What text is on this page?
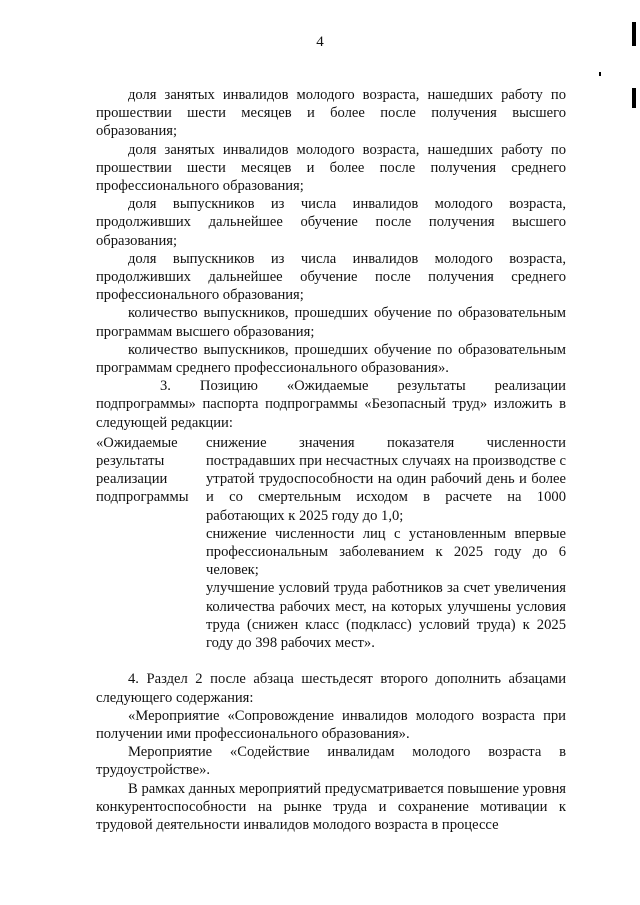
4

доля занятых инвалидов молодого возраста, нашедших работу по прошествии шести месяцев и более после получения высшего образования;

доля занятых инвалидов молодого возраста, нашедших работу по прошествии шести месяцев и более после получения среднего профессионального образования;

доля выпускников из числа инвалидов молодого возраста, продолживших дальнейшее обучение после получения высшего образования;

доля выпускников из числа инвалидов молодого возраста, продолживших дальнейшее обучение после получения среднего профессионального образования;

количество выпускников, прошедших обучение по образовательным программам высшего образования;

количество выпускников, прошедших обучение по образовательным программам среднего профессионального образования».

3. Позицию «Ожидаемые результаты реализации подпрограммы» паспорта подпрограммы «Безопасный труд» изложить в следующей редакции:

«Ожидаемые результаты реализации подпрограммы

снижение значения показателя численности пострадавших при несчастных случаях на производстве с утратой трудоспособности на один рабочий день и более и со смертельным исходом в расчете на 1000 работающих к 2025 году до 1,0;

снижение численности лиц с установленным впервые профессиональным заболеванием к 2025 году до 6 человек;

улучшение условий труда работников за счет увеличения количества рабочих мест, на которых улучшены условия труда (снижен класс (подкласс) условий труда) к 2025 году до 398 рабочих мест».

4. Раздел 2 после абзаца шестьдесят второго дополнить абзацами следующего содержания:

«Мероприятие «Сопровождение инвалидов молодого возраста при получении ими профессионального образования».

Мероприятие «Содействие инвалидам молодого возраста в трудоустройстве».

В рамках данных мероприятий предусматривается повышение уровня конкурентоспособности на рынке труда и сохранение мотивации к трудовой деятельности инвалидов молодого возраста в процессе
